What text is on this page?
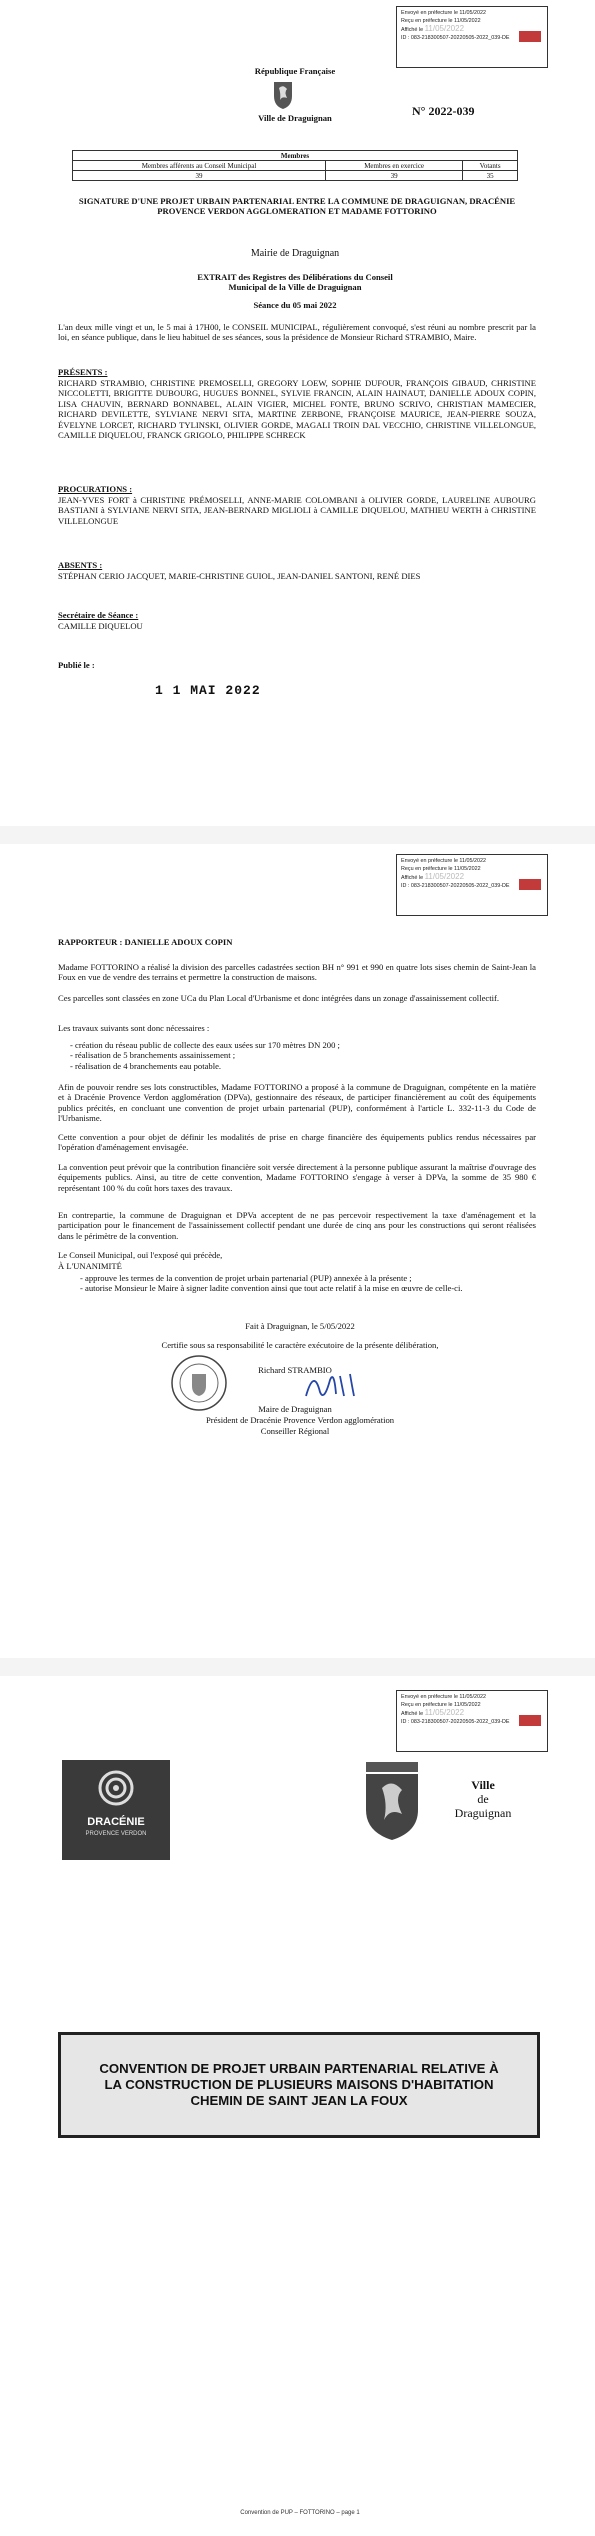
Envoyé en préfecture le 11/05/2022
Reçu en préfecture le 11/05/2022
Affiché le 11/05/2022
ID : 083-218300507-20220505-2022_039-DE
République Française
Ville de Draguignan	N° 2022-039
Membres		
Membres afférents au Conseil Municipal	Membres en exercice	Votants
39	39	35
SIGNATURE D'UNE PROJET URBAIN PARTENARIAL ENTRE LA COMMUNE DE DRAGUIGNAN, DRACÉNIE PROVENCE VERDON AGGLOMERATION ET MADAME FOTTORINO
Mairie de Draguignan
EXTRAIT des Registres des Délibérations du Conseil Municipal de la Ville de Draguignan
Séance du 05 mai 2022
L'an deux mille vingt et un, le 5 mai à 17H00, le CONSEIL MUNICIPAL, régulièrement convoqué, s'est réuni au nombre prescrit par la loi, en séance publique, dans le lieu habituel de ses séances, sous la présidence de Monsieur Richard STRAMBIO, Maire.
PRÉSENTS :
RICHARD STRAMBIO, CHRISTINE PREMOSELLI, GREGORY LOEW, SOPHIE DUFOUR, FRANÇOIS GIBAUD, CHRISTINE NICCOLETTI, BRIGITTE DUBOURG, HUGUES BONNEL, SYLVIE FRANCIN, ALAIN HAINAUT, DANIELLE ADOUX COPIN, LISA CHAUVIN, BERNARD BONNABEL, ALAIN VIGIER, MICHEL FONTE, BRUNO SCRIVO, CHRISTIAN MAMECIER, RICHARD DEVILETTE, SYLVIANE NERVI SITA, MARTINE ZERBONE, FRANÇOISE MAURICE, JEAN-PIERRE SOUZA, ÉVELYNE LORCET, RICHARD TYLINSKI, OLIVIER GORDE, MAGALI TROIN DAL VECCHIO, CHRISTINE VILLELONGUE, CAMILLE DIQUELOU, FRANCK GRIGOLO, PHILIPPE SCHRECK
PROCURATIONS :
JEAN-YVES FORT à CHRISTINE PRÉMOSELLI, ANNE-MARIE COLOMBANI à OLIVIER GORDE, LAURELINE AUBOURG BASTIANI à SYLVIANE NERVI SITA, JEAN-BERNARD MIGLIOLI à CAMILLE DIQUELOU, MATHIEU WERTH à CHRISTINE VILLELONGUE
ABSENTS :
STÉPHAN CERIO JACQUET, MARIE-CHRISTINE GUIOL, JEAN-DANIEL SANTONI, RENÉ DIES
Secrétaire de Séance :
CAMILLE DIQUELOU
Publié le :
1 1 MAI 2022
Envoyé en préfecture le 11/05/2022
Reçu en préfecture le 11/05/2022
Affiché le 11/05/2022
ID : 083-218300507-20220505-2022_039-DE
RAPPORTEUR : DANIELLE ADOUX COPIN
Madame FOTTORINO a réalisé la division des parcelles cadastrées section BH n° 991 et 990 en quatre lots sises chemin de Saint-Jean la Foux en vue de vendre des terrains et permettre la construction de maisons.
Ces parcelles sont classées en zone UCa du Plan Local d'Urbanisme et donc intégrées dans un zonage d'assainissement collectif.
Les travaux suivants sont donc nécessaires :
- création du réseau public de collecte des eaux usées sur 170 mètres DN 200 ;
- réalisation de 5 branchements assainissement ;
- réalisation de 4 branchements eau potable.
Afin de pouvoir rendre ses lots constructibles, Madame FOTTORINO a proposé à la commune de Draguignan, compétente en la matière et à Dracénie Provence Verdon agglomération (DPVa), gestionnaire des réseaux, de participer financièrement au coût des équipements publics précités, en concluant une convention de projet urbain partenarial (PUP), conformément à l'article L. 332-11-3 du Code de l'Urbanisme.
Cette convention a pour objet de définir les modalités de prise en charge financière des équipements publics rendus nécessaires par l'opération d'aménagement envisagée.
La convention peut prévoir que la contribution financière soit versée directement à la personne publique assurant la maîtrise d'ouvrage des équipements publics. Ainsi, au titre de cette convention, Madame FOTTORINO s'engage à verser à DPVa, la somme de 35 980 € représentant 100 % du coût hors taxes des travaux.
En contrepartie, la commune de Draguignan et DPVa acceptent de ne pas percevoir respectivement la taxe d'aménagement et la participation pour le financement de l'assainissement collectif pendant une durée de cinq ans pour les constructions qui seront réalisées dans le périmètre de la convention.
Le Conseil Municipal, ouï l'exposé qui précède,
À L'UNANIMITÉ
- approuve les termes de la convention de projet urbain partenarial (PUP) annexée à la présente ;
- autorise Monsieur le Maire à signer ladite convention ainsi que tout acte relatif à la mise en œuvre de celle-ci.
Fait à Draguignan, le 5/05/2022
Certifie sous sa responsabilité le caractère exécutoire de la présente délibération,
Richard STRAMBIO
Maire de Draguignan
Président de Dracénie Provence Verdon agglomération
Conseiller Régional
Envoyé en préfecture le 11/05/2022
Reçu en préfecture le 11/05/2022
Affiché le 11/05/2022
ID : 083-218300507-20220505-2022_039-DE
DRACÉNIE
PROVENCE VERDON
Ville
de
Draguignan
CONVENTION DE PROJET URBAIN PARTENARIAL RELATIVE À LA CONSTRUCTION DE PLUSIEURS MAISONS D'HABITATION CHEMIN DE SAINT JEAN LA FOUX
Convention de PUP – FOTTORINO – page 1
